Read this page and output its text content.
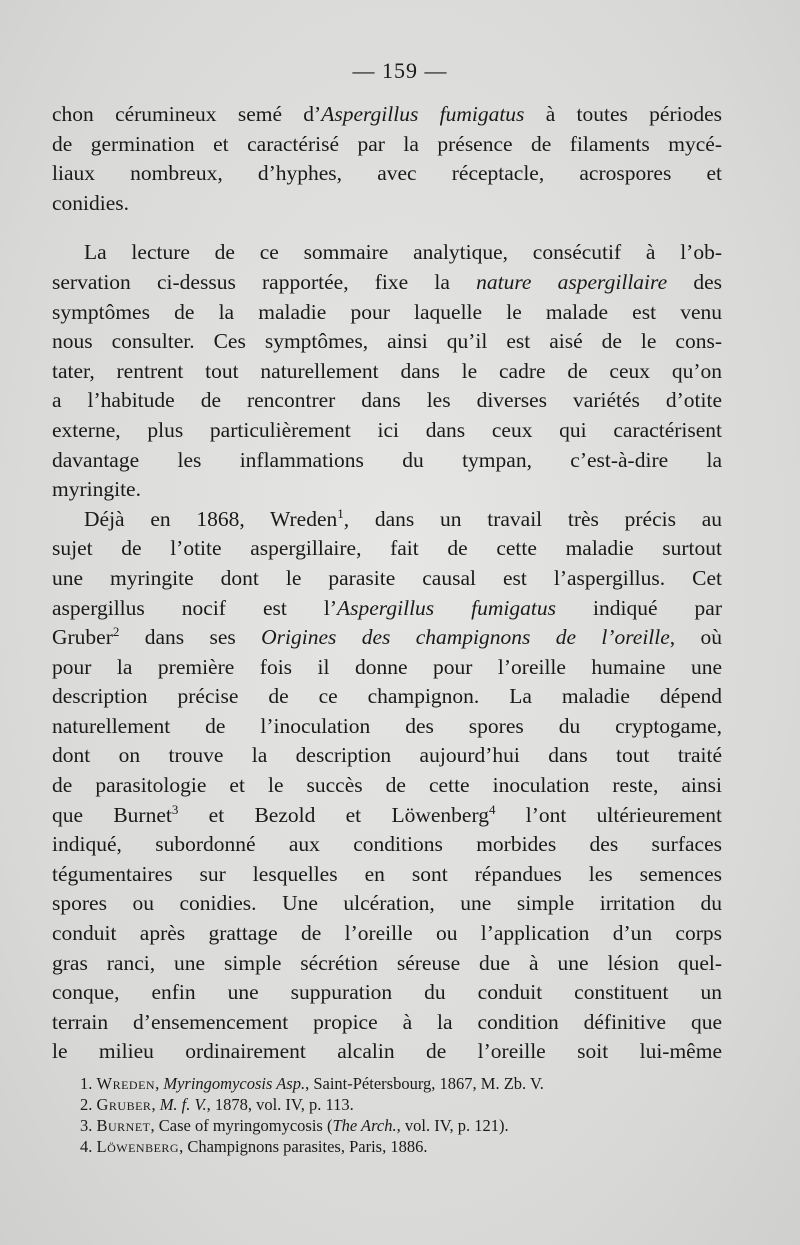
— 159 —
chon cérumineux semé d’Aspergillus fumigatus à toutes périodes
de germination et caractérisé par la présence de filaments mycé-
liaux nombreux, d’hyphes, avec réceptacle, acrospores et
conidies.
La lecture de ce sommaire analytique, consécutif à l’ob-
servation ci-dessus rapportée, fixe la nature aspergillaire des
symptômes de la maladie pour laquelle le malade est venu
nous consulter. Ces symptômes, ainsi qu’il est aisé de le cons-
tater, rentrent tout naturellement dans le cadre de ceux qu’on
a l’habitude de rencontrer dans les diverses variétés d’otite
externe, plus particulièrement ici dans ceux qui caractérisent
davantage les inflammations du tympan, c’est-à-dire la
myringite.
Déjà en 1868, Wreden$^1$, dans un travail très précis au
sujet de l’otite aspergillaire, fait de cette maladie surtout
une myringite dont le parasite causal est l’aspergillus. Cet
aspergillus nocif est l’Aspergillus fumigatus indiqué par
Gruber$^2$ dans ses Origines des champignons de l’oreille, où
pour la première fois il donne pour l’oreille humaine une
description précise de ce champignon. La maladie dépend
naturellement de l’inoculation des spores du cryptogame,
dont on trouve la description aujourd’hui dans tout traité
de parasitologie et le succès de cette inoculation reste, ainsi
que Burnet$^3$ et Bezold et Löwenberg$^4$ l’ont ultérieurement
indiqué, subordonné aux conditions morbides des surfaces
tégumentaires sur lesquelles en sont répandues les semences
spores ou conidies. Une ulcération, une simple irritation du
conduit après grattage de l’oreille ou l’application d’un corps
gras ranci, une simple sécrétion séreuse due à une lésion quel-
conque, enfin une suppuration du conduit constituent un
terrain d’ensemencement propice à la condition définitive que
le milieu ordinairement alcalin de l’oreille soit lui-même
1. Wreden, Myringomycosis Asp., Saint-Pétersbourg, 1867, M. Zb. V.
2. Gruber, M. f. V., 1878, vol. IV, p. 113.
3. Burnet, Case of myringomycosis (The Arch., vol. IV, p. 121).
4. Löwenberg, Champignons parasites, Paris, 1886.
